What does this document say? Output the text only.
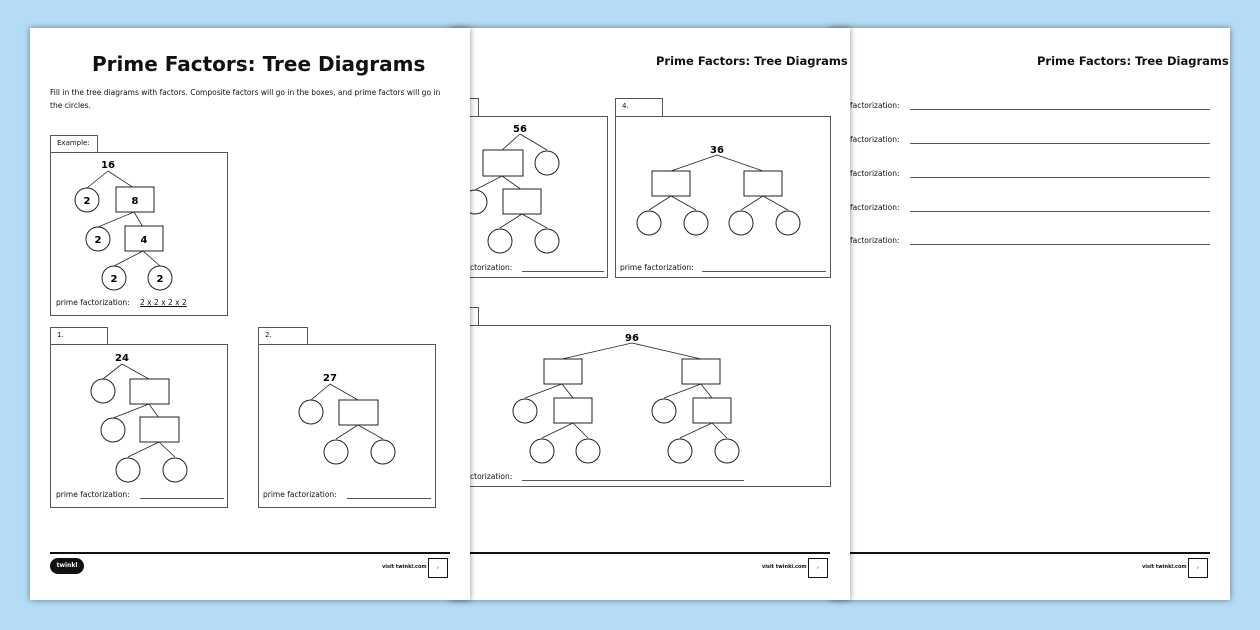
Prime Factors: Tree Diagrams
factorization:
factorization:
factorization:
factorization:
factorization:
visit twinkl.com	✓
Prime Factors: Tree Diagrams
56
ctorization:
4.
36
prime factorization:
96
ctorization:
visit twinkl.com	✓
Prime Factors: Tree Diagrams
Fill in the tree diagrams with factors. Composite factors will go in the boxes, and prime factors will go in the circles.
Example:
16
2	8
2	4
2	2
prime factorization: 2 x 2 x 2 x 2
1.
24
prime factorization:
2.
27
prime factorization:
twinkl	visit twinkl.com	✓
